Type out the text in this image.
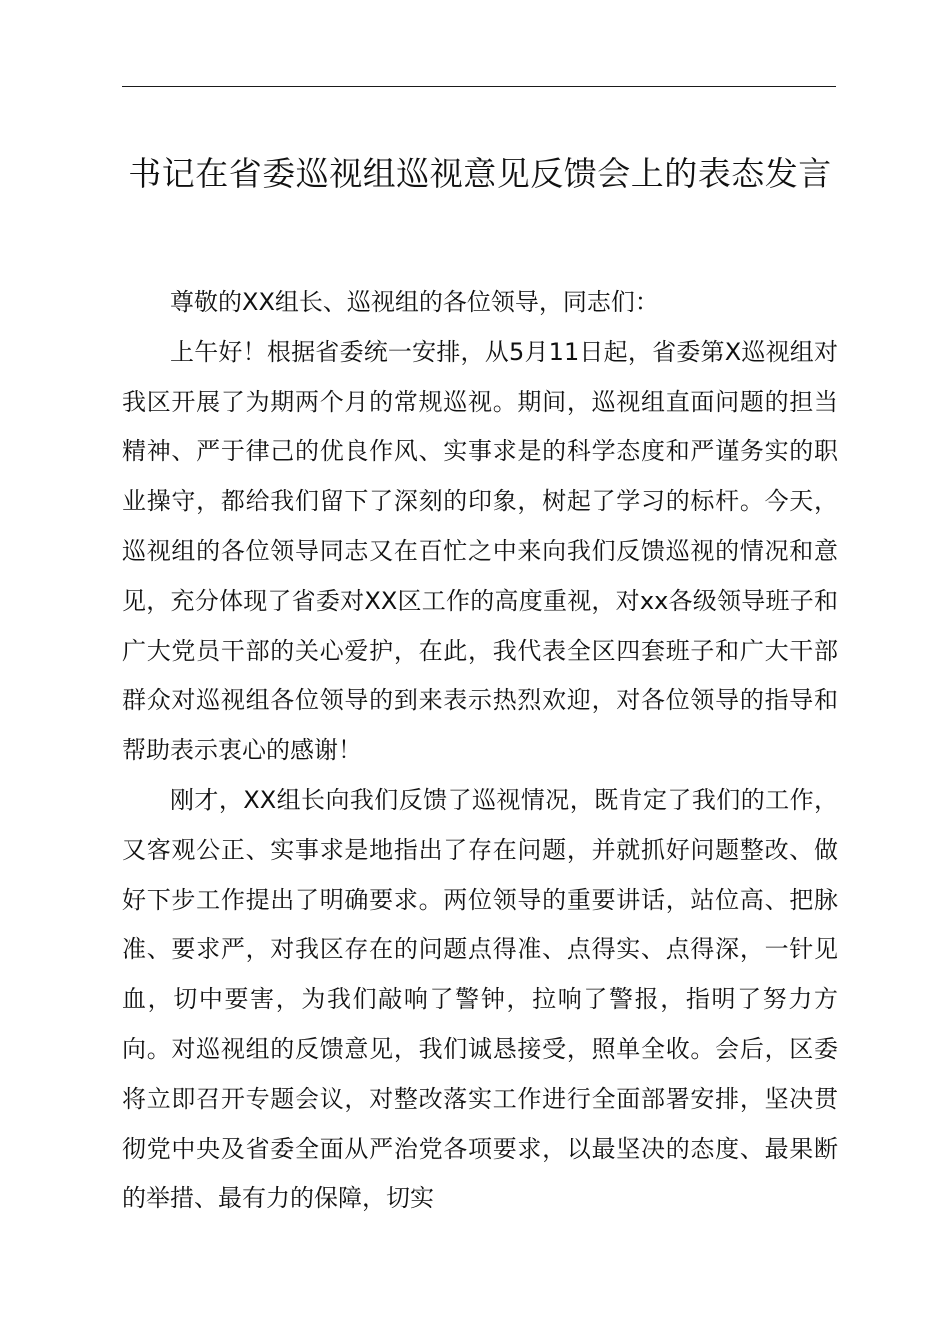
书记在省委巡视组巡视意见反馈会上的表态发言

尊敬的XX组长、巡视组的各位领导，同志们：

上午好！根据省委统一安排，从5月11日起，省委第X巡视组对我区开展了为期两个月的常规巡视。期间，巡视组直面问题的担当精神、严于律己的优良作风、实事求是的科学态度和严谨务实的职业操守，都给我们留下了深刻的印象，树起了学习的标杆。今天，巡视组的各位领导同志又在百忙之中来向我们反馈巡视的情况和意见，充分体现了省委对XX区工作的高度重视，对xx各级领导班子和广大党员干部的关心爱护，在此，我代表全区四套班子和广大干部群众对巡视组各位领导的到来表示热烈欢迎，对各位领导的指导和帮助表示衷心的感谢！

刚才，XX组长向我们反馈了巡视情况，既肯定了我们的工作，又客观公正、实事求是地指出了存在问题，并就抓好问题整改、做好下步工作提出了明确要求。两位领导的重要讲话，站位高、把脉准、要求严，对我区存在的问题点得准、点得实、点得深，一针见血，切中要害，为我们敲响了警钟，拉响了警报，指明了努力方向。对巡视组的反馈意见，我们诚恳接受，照单全收。会后，区委将立即召开专题会议，对整改落实工作进行全面部署安排，坚决贯彻党中央及省委全面从严治党各项要求，以最坚决的态度、最果断的举措、最有力的保障，切实
